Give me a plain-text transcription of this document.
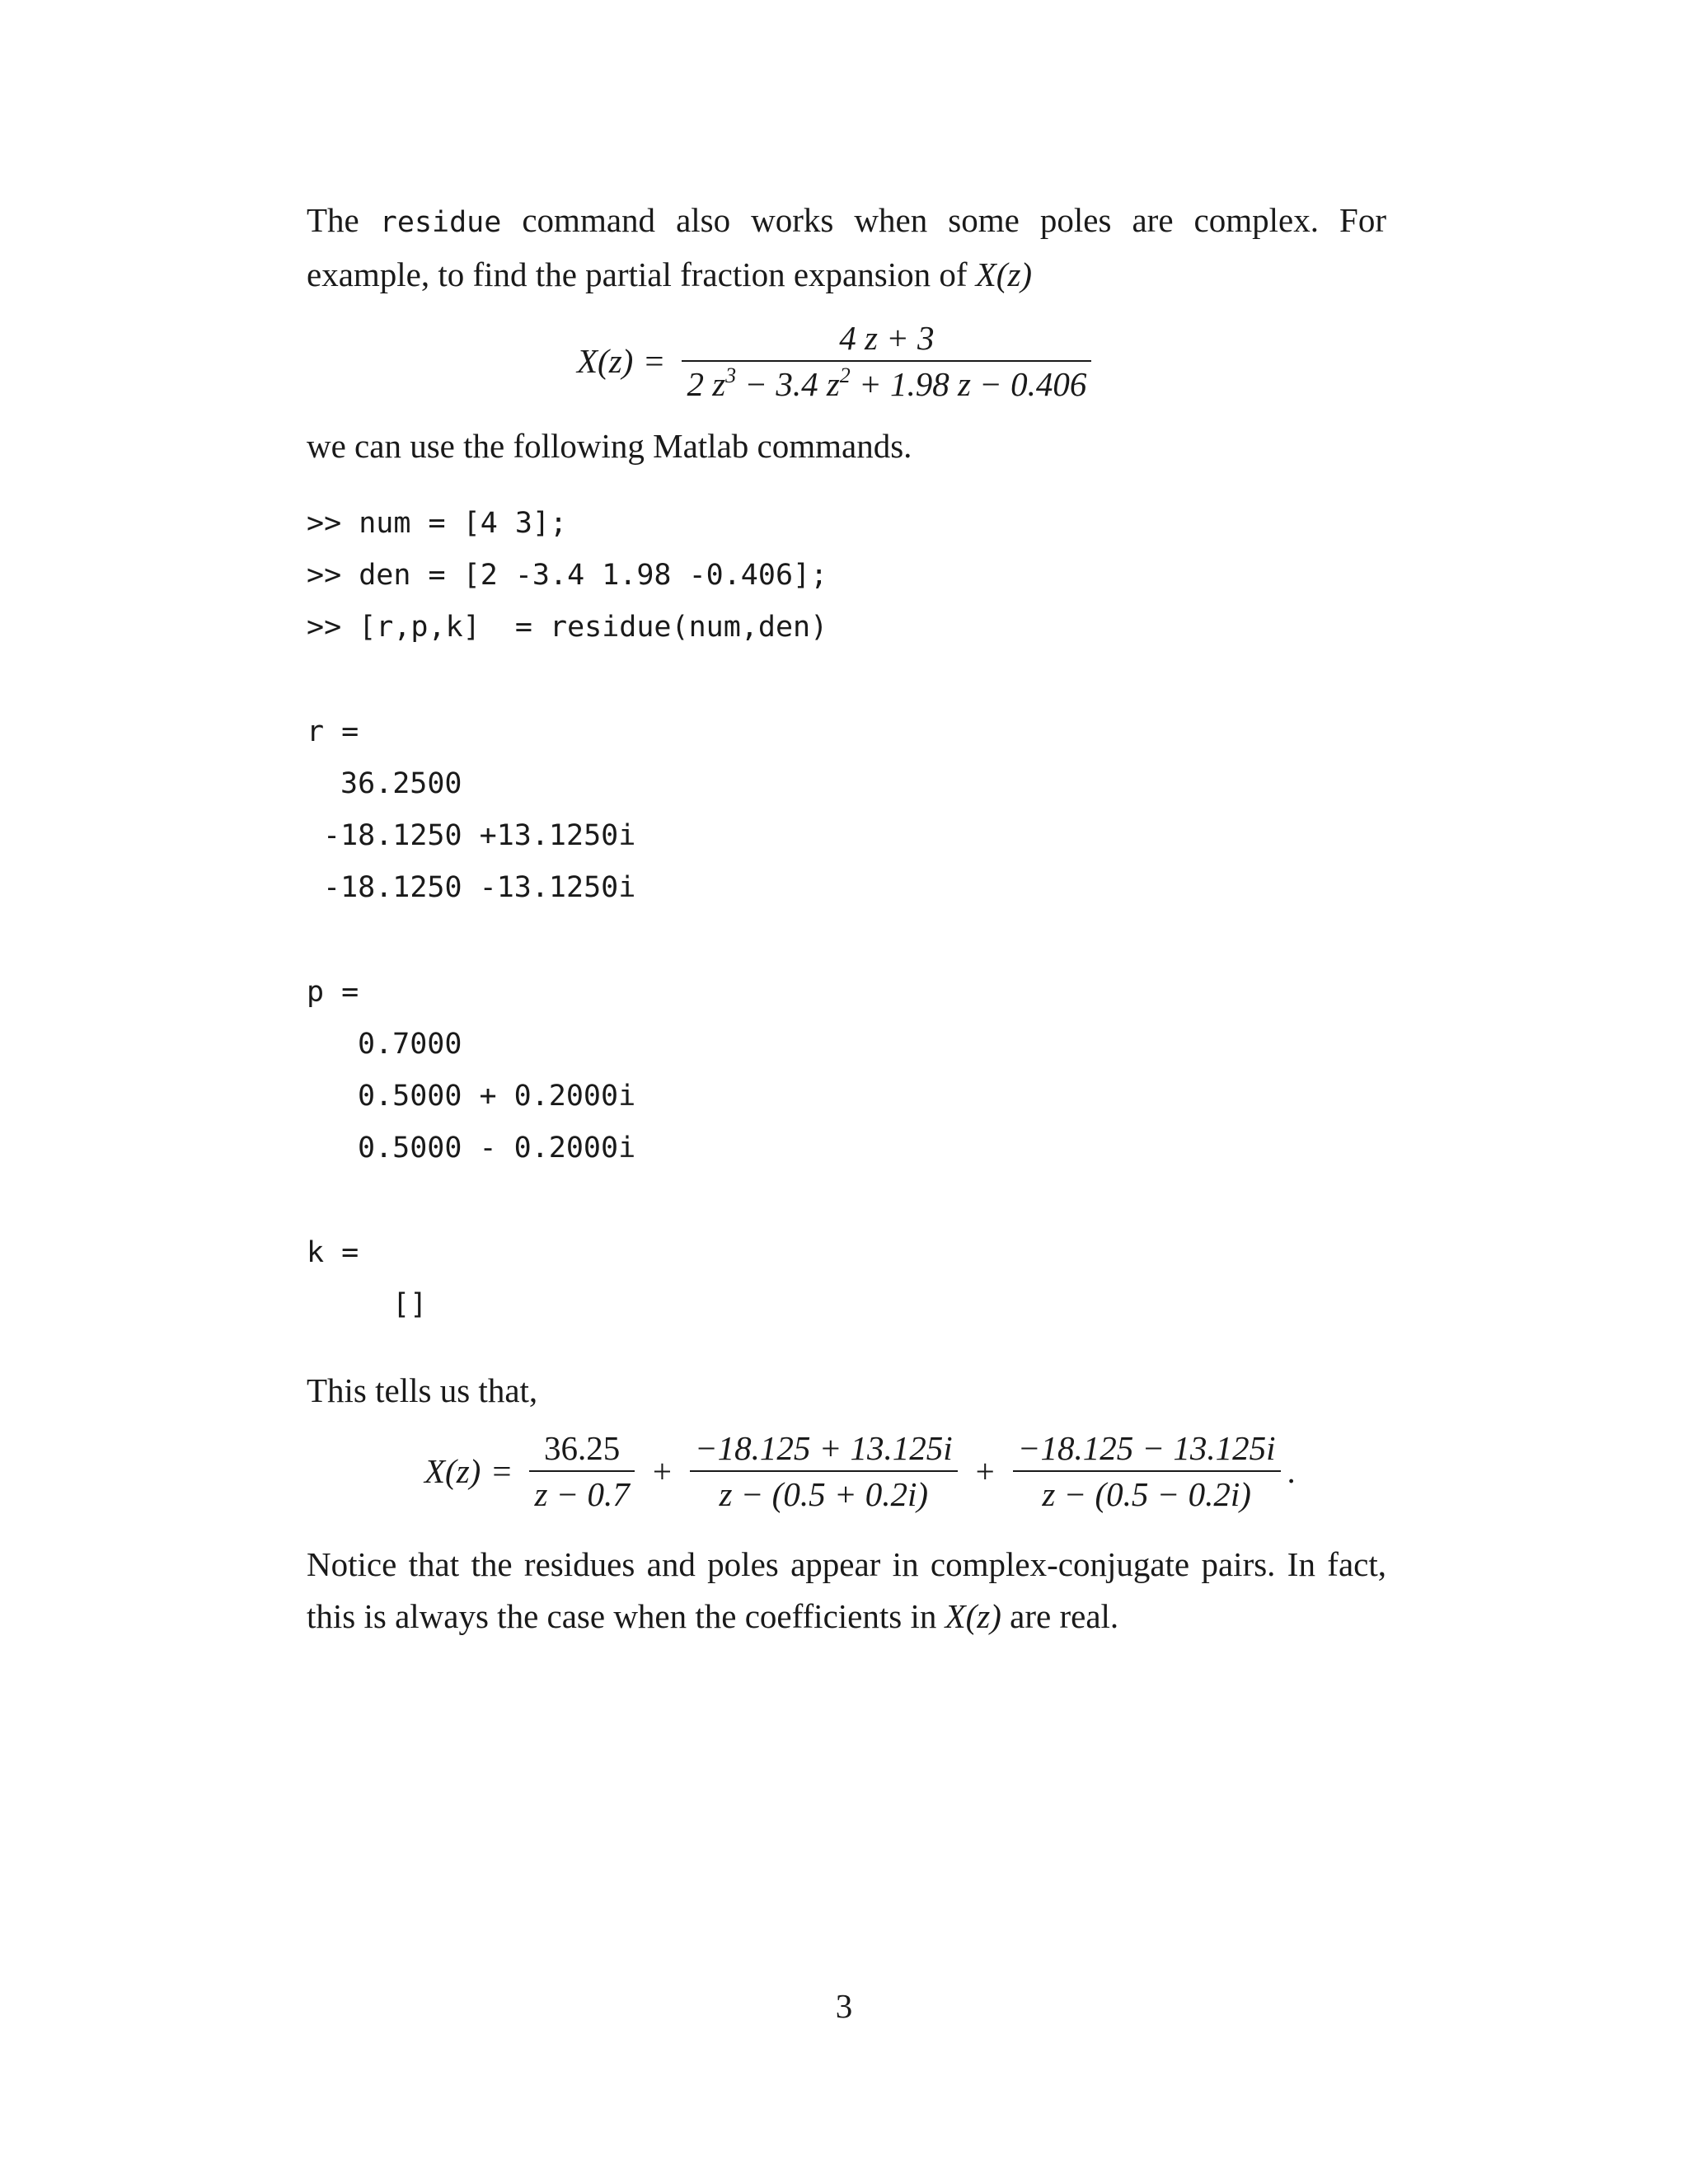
The residue command also works when some poles are complex. For example, to find the partial fraction expansion of X(z)

$X(z) = \frac{4 z + 3}{2 z^3 - 3.4 z^2 + 1.98 z - 0.406}$

we can use the following Matlab commands.

>> num = [4 3];
>> den = [2 -3.4 1.98 -0.406];
>> [r,p,k]  = residue(num,den)
r =
36.2500
-18.1250 +13.1250i
-18.1250 -13.1250i
p =
0.7000
0.5000 + 0.2000i
0.5000 - 0.2000i
k =
[]

This tells us that,

$X(z) = \frac{36.25}{z - 0.7} + \frac{-18.125 + 13.125i}{z - (0.5 + 0.2i)} + \frac{-18.125 - 13.125i}{z - (0.5 - 0.2i)}$ .

Notice that the residues and poles appear in complex-conjugate pairs. In fact, this is always the case when the coefficients in X(z) are real.

3
